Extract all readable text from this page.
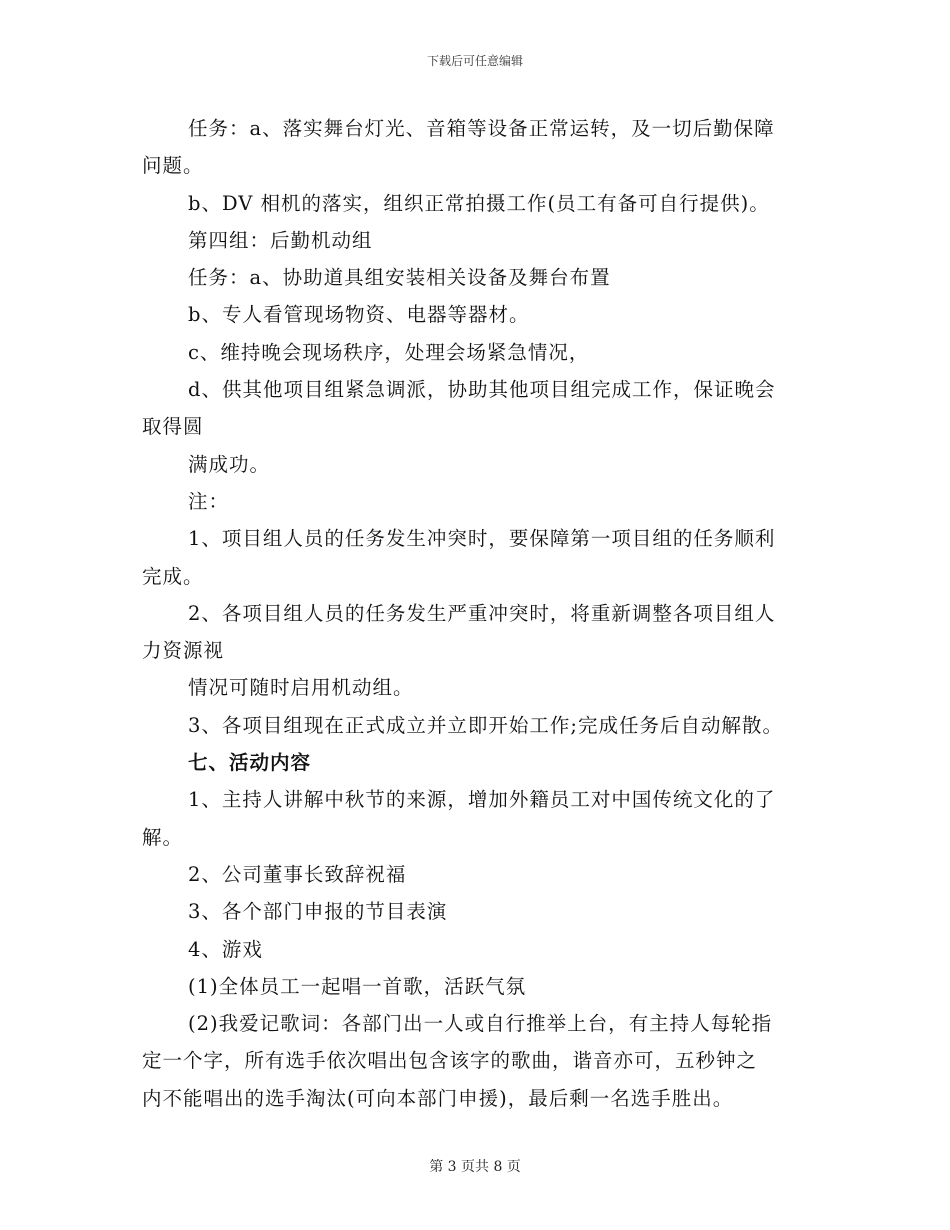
下载后可任意编辑
任务：a、落实舞台灯光、音箱等设备正常运转，及一切后勤保障
问题。
b、DV 相机的落实，组织正常拍摄工作(员工有备可自行提供)。
第四组：后勤机动组
任务：a、协助道具组安装相关设备及舞台布置
b、专人看管现场物资、电器等器材。
c、维持晚会现场秩序，处理会场紧急情况，
d、供其他项目组紧急调派，协助其他项目组完成工作，保证晚会
取得圆
满成功。
注：
1、项目组人员的任务发生冲突时，要保障第一项目组的任务顺利
完成。
2、各项目组人员的任务发生严重冲突时，将重新调整各项目组人
力资源视
情况可随时启用机动组。
3、各项目组现在正式成立并立即开始工作;完成任务后自动解散。
七、活动内容
1、主持人讲解中秋节的来源，增加外籍员工对中国传统文化的了
解。
2、公司董事长致辞祝福
3、各个部门申报的节目表演
4、游戏
(1)全体员工一起唱一首歌，活跃气氛
(2)我爱记歌词：各部门出一人或自行推举上台，有主持人每轮指
定一个字，所有选手依次唱出包含该字的歌曲，谐音亦可，五秒钟之
内不能唱出的选手淘汰(可向本部门申援)，最后剩一名选手胜出。
第 3 页共 8 页
